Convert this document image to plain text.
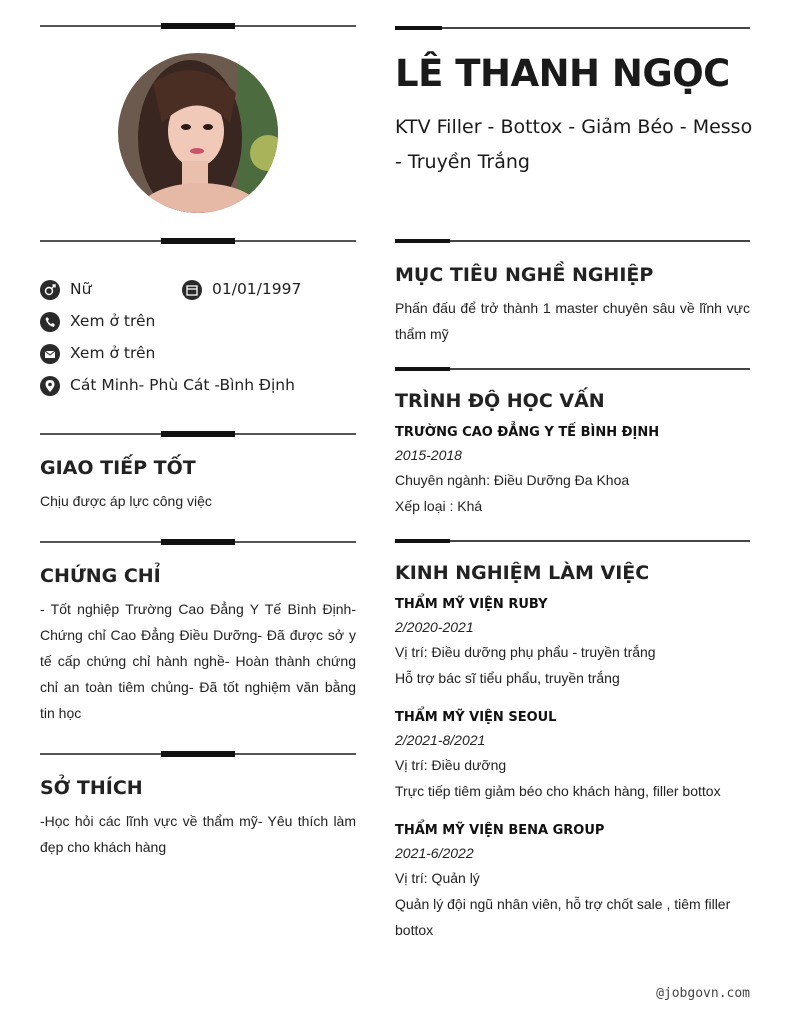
Nữ	01/01/1997
Xem ở trên
Xem ở trên
Cát Minh- Phù Cát -Bình Định
GIAO TIẾP TỐT
Chịu được áp lực công việc
CHỨNG CHỈ
- Tốt nghiệp Trường Cao Đẳng Y Tế Bình Định- Chứng chỉ Cao Đẳng Điều Dưỡng- Đã được sở y tế cấp chứng chỉ hành nghề- Hoàn thành chứng chỉ an toàn tiêm chủng- Đã tốt nghiệm văn bằng tin học
SỞ THÍCH
-Học hỏi các lĩnh vực về thẩm mỹ- Yêu thích làm đẹp cho khách hàng
LÊ THANH NGỌC
KTV Filler - Bottox - Giảm Béo - Messo - Truyền Trắng
MỤC TIÊU NGHỀ NGHIỆP
Phấn đấu để trở thành 1 master chuyên sâu về lĩnh vực thẩm mỹ
TRÌNH ĐỘ HỌC VẤN
TRƯỜNG CAO ĐẲNG Y TẾ BÌNH ĐỊNH
2015-2018
Chuyên ngành: Điều Dưỡng Đa Khoa
Xếp loại : Khá
KINH NGHIỆM LÀM VIỆC
THẨM MỸ VIỆN RUBY
2/2020-2021
Vị trí: Điều dưỡng phụ phẩu - truyền trắng
Hỗ trợ bác sĩ tiểu phẩu, truyền trắng
THẨM MỸ VIỆN SEOUL
2/2021-8/2021
Vị trí: Điều dưỡng
Trực tiếp tiêm giảm béo cho khách hàng, filler bottox
THẨM MỸ VIỆN BENA GROUP
2021-6/2022
Vị trí: Quản lý
Quản lý đội ngũ nhân viên, hỗ trợ chốt sale , tiêm filler bottox
@jobgovn.com
